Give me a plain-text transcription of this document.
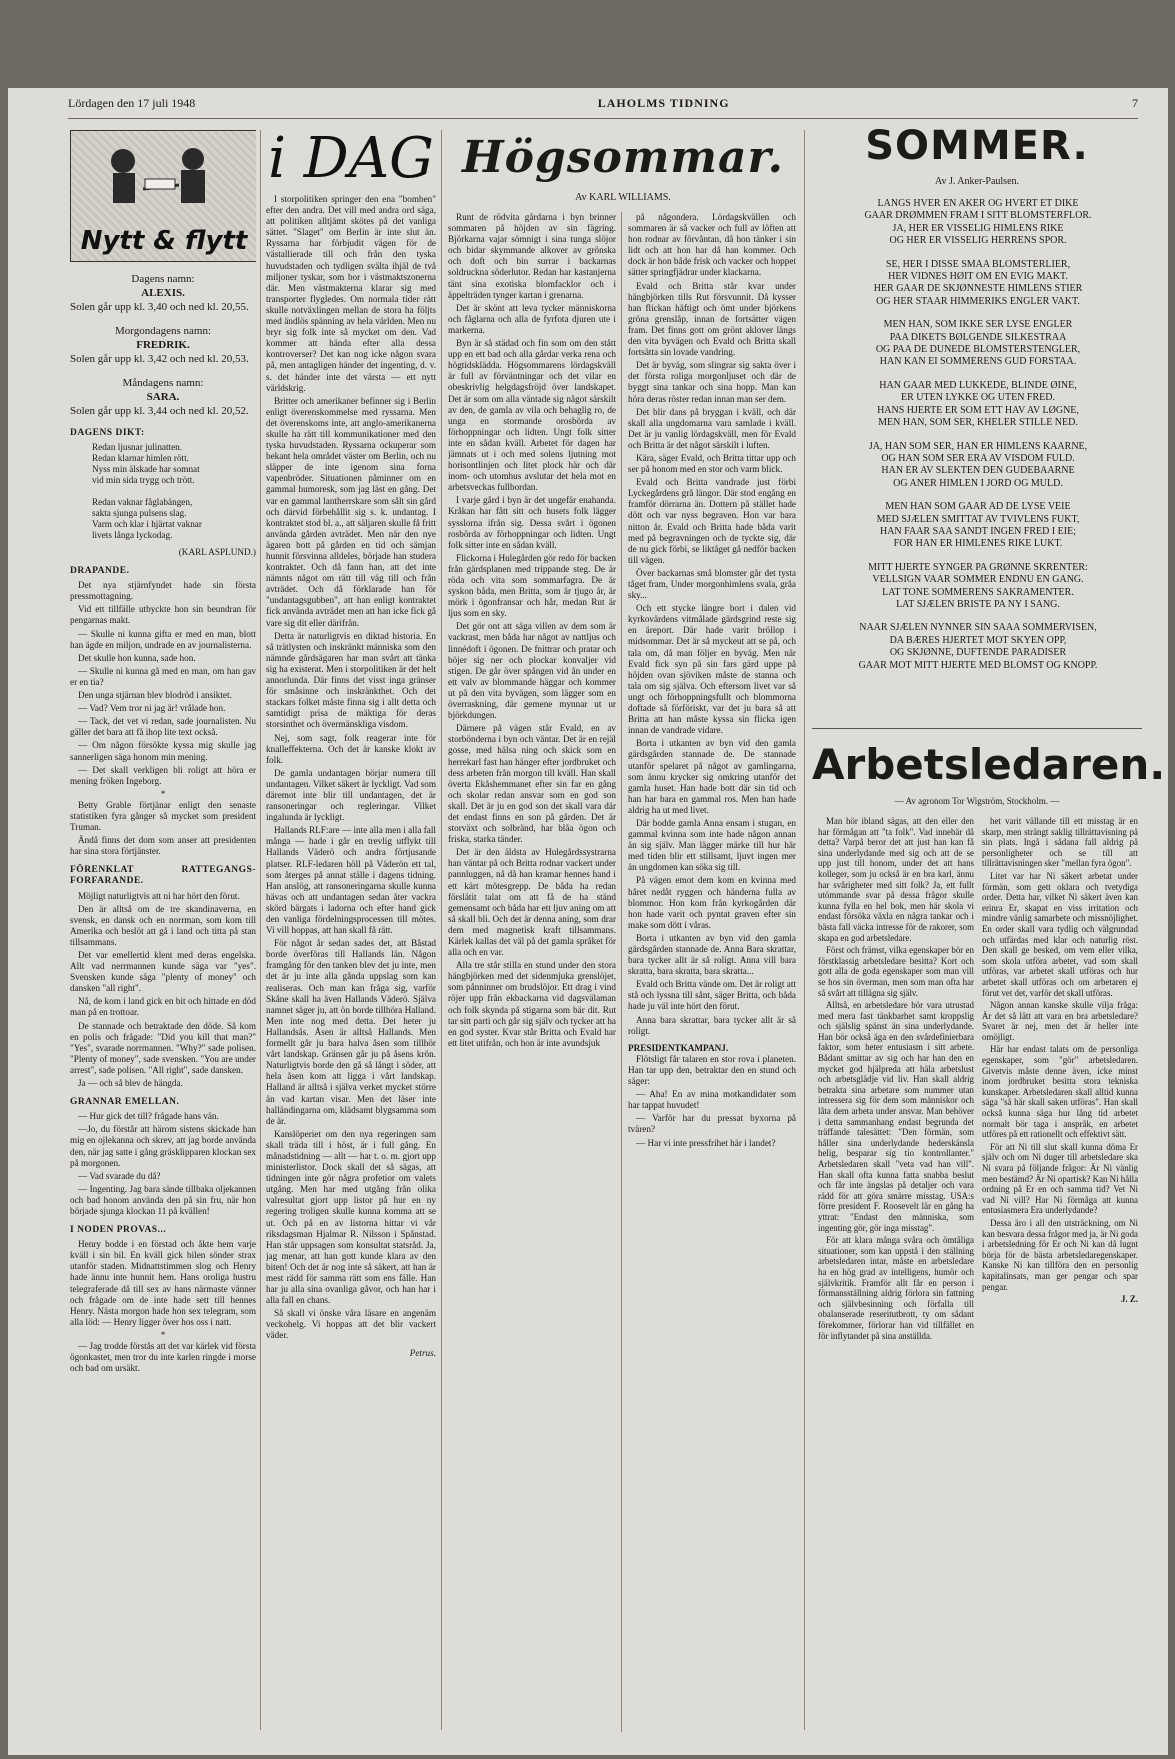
Lördagen den 17 juli 1948	LAHOLMS TIDNING	7
Nytt & flytt
Dagens namn:
ALEXIS.
Solen går upp kl. 3,40 och ned kl. 20,55.
Morgondagens namn:
FREDRIK.
Solen går upp kl. 3,42 och ned kl. 20,53.
Måndagens namn:
SARA.
Solen går upp kl. 3,44 och ned kl. 20,52.
DAGENS DIKT:
Redan ljusnar julinatten.
Redan klarnar himlen rött.
Nyss min älskade har somnat
vid min sida trygg och trött.

Redan vaknar fåglabängen,
sakta sjunga pulsens slag.
Varm och klar i hjärtat vaknar
livets långa lyckodag.
(KARL ASPLUND.)
DRAPANDE.

Det nya stjärnfyndet hade sin första pressmottagning.

Vid ett tillfälle utbyckte hon sin beundran för pengarnas makt.

— Skulle ni kunna gifta er med en man, blott han ägde en miljon, undrade en av journalisterna.

Det skulle hon kunna, sade hon.

— Skulle ni kunna gå med en man, om han gav er en tia?

Den unga stjärnan blev blodröd i ansiktet.

— Vad? Vem tror ni jag är! vrålade hon.

— Tack, det vet vi redan, sade journalisten. Nu gäller det bara att få ihop lite text också.

— Om någon försökte kyssa mig skulle jag sannerligen säga honom min mening.

— Det skall verkligen bli roligt att höra er mening fröken Ingeborg.

*

Betty Grable förtjänar enligt den senaste statistiken fyra gånger så mycket som president Truman.

Ändå finns det dom som anser att presidenten har sina stora förtjänster.

FÖRENKLAT RATTEGANGS-FORFARANDE.

Möjligt naturligtvis att ni har hört den förut.

Den är alltså om de tre skandinaverna, en svensk, en dansk och en norrman, som kom till Amerika och beslöt att gå i land och titta på stan tillsammans.

Det var emellertid klent med deras engelska. Allt vad nerrmannen kunde säga var "yes". Svensken kunde säga "plenty of money" och dansken "all right".

Nå, de kom i land gick en bit och hittade en död man på en trottoar.

De stannade och betraktade den döde. Så kom en polis och frågade: "Did you kill that man?" "Yes", svarade norrmannen. "Why?" sade polisen. "Plenty of money", sade svensken. "You are under arrest", sade polisen. "All right", sade dansken.

Ja — och så blev de hängda.

GRANNAR EMELLAN.

— Hur gick det till? frågade hans vän.

—Jo, du förstår att härom sistens skickade han mig en ojlekanna och skrev, att jag borde använda den, när jag satte i gång gräsklipparen klockan sex på morgonen.

— Vad svarade du då?

— Ingenting. Jag bara sände tillbaka oljekannen och bad honom använda den på sin fru, när hon började sjunga klockan 11 på kvällen!

I NODEN PROVAS...

Henry bodde i en förstad och åkte hem varje kväll i sin bil. En kväll gick bilen sönder strax utanför staden. Midnattstimmen slog och Henry hade ännu inte hunnit hem. Hans oroliga hustru telegraferade då till sex av hans närmaste vänner och frågade om de inte hade sett till hennes Henry. Nästa morgon hade hon sex telegram, som alla löd: — Henry ligger över hos oss i natt.

*

— Jag trodde förstås att det var kärlek vid första ögonkastet, men tror du inte karlen ringde i morse och bad om ursäkt.

i DAG

I storpolitiken springer den ena "bomben" efter den andra. Det vill med andra ord säga, att politiken alltjämt skötes på det vanliga sättet. "Slaget" om Berlin är inte slut än. Ryssarna har förbjudit vägen för de västallierade till och från den tyska huvudstaden och tydligen svälta ihjäl de två miljoner tyskar, som bor i västmaktszonerna där. Men västmakterna klarar sig med transporter flygledes. Om normala tider rätt skulle notväxlingen mellan de stora ha följts med ändlös spänning av hela världen. Men nu bryr sig folk inte så mycket om den. Vad kommer att hända efter alla dessa kontroverser? Det kan nog icke någon svara på, men antagligen händer det ingenting, d. v. s. det händer inte det värsta — ett nytt världskrig.

Britter och amerikaner befinner sig i Berlin enligt överenskommelse med ryssarna. Men det överenskoms inte, att anglo-amerikanerna skulle ha rätt till kommunikationer med den tyska huvudstaden. Ryssarna ockuperar som bekant hela området väster om Berlin, och nu släpper de inte igenom sina forna vapenbröder. Situationen påminner om en gammal humoresk, som jag läst en gång. Det var en gammal lantherrskare som sålt sin gård och därvid förbehållit sig s. k. undantag. I kontraktet stod bl. a., att säljaren skulle få fritt använda gården avträdet. Men när den nye ägaren bott på gården en tid och sämjan hunnit försvinna alldeles, började han studera kontraktet. Och då fann han, att det inte nämnts något om rätt till väg till och från avträdet. Och då förklarade han för "undantagsgubben", att han enligt kontraktet fick använda avträdet men att han icke fick gå vare sig dit eller därifrån.

Detta är naturligtvis en diktad historia. En så trätlysten och inskränkt människa som den nämnde gårdsägaren har man svårt att tänka sig ha existerat. Men i storpolitiken är det helt annorlunda. Där finns det visst inga gränser för småsinne och inskränkthet. Och det stackars folket måste finna sig i allt detta och samtidigt prisa de mäktiga för deras storsinthet och övermänskliga visdom.

Nej, som sagt, folk reagerar inte för knalleffekterna. Och det är kanske klokt av folk.

De gamla undantagen börjar numera till undantagen. Vilket säkert är lyckligt. Vad som däremot inte blir till undantagen, det är ransoneringar och regleringar. Vilket ingalunda är lyckligt.

Hallands RLF:are — inte alla men i alla fall många — hade i går en trevlig utflykt till Hallands Väderö och andra förtjusande platser. RLF-ledaren höll på Väderön ett tal, som återges på annat ställe i dagens tidning. Han anslög, att ransoneringarna skulle kunna hävas och att undantagen sedan åter vackra skörd bärgats i ladorna och efter hand gick den vanliga fördelningsprocessen till mötes. Vi vill hoppas, att han skall få rätt.

För något år sedan sades det, att Båstad borde överföras till Hallands län. Någon framgång för den tanken blev det ju inte, men det är ju inte alla gånda uppslag som kan realiseras. Och man kan fråga sig, varför Skåne skall ha även Hallands Väderö. Själva namnet säger ju, att ön borde tillhöra Halland. Men inte nog med detta. Det heter ju Hallandsås. Åsen är alltså Hallands. Men formellt går ju bara halva åsen som tillhör vårt landskap. Gränsen går ju på åsens krön. Naturligtvis borde den gå så långt i söder, att hela åsen kom att ligga i vårt landskap. Halland är alltså i själva verket mycket större än vad kartan visar. Men det läser inte halländingarna om, klädsamt blygsamma som de är.

Kanslöperiet om den nya regeringen sam skall träda till i höst, är i full gång. En månadstidning — allt — har t. o. m. gjort upp ministerlistor. Dock skall det så sägas, att tidningen inte gör några profetior om valets utgång. Men har med utgång från olika valresultat gjort upp listor på hur en ny regering troligen skulle kunna komma att se ut. Och på en av listorna hittar vi vår riksdagsman Hjalmar R. Nilsson i Spånstad. Han står uppsagen som konsultat statsråd. Ja, jag menar, att han gott kunde klara av den biten! Och det är nog inte så säkert, att han är mest rädd för samma rätt som ens fälle. Han har ju alla sina ovanliga gåvor, och han har i alla fall en chans.

Så skall vi önske våra läsare en angenäm veckohelg. Vi hoppas att det blir vackert väder.

Petrus.
Högsommar.
Av KARL WILLIAMS.

Runt de rödvita gårdarna i byn brinner sommaren på höjden av sin fägring. Björkarna vajar sömnigt i sina tunga slöjor och bidar skymmande alkover av grönska och doft och bin surrar i backarnas soldruckna söderlutor. Redan har kastanjerna tänt sina exotiska blomfacklor och i äppelträden tynger kartan i grenarna.

Det är skönt att leva tycker människorna och fåglarna och alla de fyrfota djuren ute i markerna.

Byn är så städad och fin som om den stått upp en ett bad och alla gårdar verka rena och högtidsklädda. Högsommarens lördagskväll är full av förväntningar och det vilar en obeskrivlig helgdagsfröjd över landskapet. Det är som om alla väntade sig något särskilt av den, de gamla av vila och behaglig ro, de unga en stormande orosbörda av förhoppningar och lidten. Ungt folk sitter inte en sådan kväll. Arbetet för dagen har jämnats ut i och med solens ljutning mot horisontlinjen och litet plock här och där inom- och utomhus avslutar det hela mot en arbetsveckas fullbordan.

I varje gård i byn är det ungefär enahanda. Kråkan har fått sitt och husets folk lägger sysslorna ifrån sig. Dessa svårt i ögonen rosbörda av förhoppningar och lidten. Ungt folk sitter inte en sådan kväll.

Flickorna i Hulegården gör redo för backen från gärdsplanen med trippande steg. De är röda och vita som sommarfagra. De är syskon båda, men Britta, som är tjugo år, är mörk i ögonfransar och hår, medan Rut är ljus som en sky.

Det gör ont att säga villen av dem som är vackrast, men båda har något av nattljus och linnédoft i ögonen. De fnittrar och pratar och böjer sig ner och plockar konvaljer vid stigen. De går över spången vid ån under en ett valv av blommande häggar och kommer ut på den vita byvägen, som lägger som en överraskning, där gemene mynnar ut ur björkdungen.

Därnere på vägen står Evald, en av storbönderna i byn och väntar. Det är en rejäl gosse, med hälsa ning och skick som en herrekarl fast han hänger efter jordbruket och dess arbeten från morgon till kväll. Han skall överta Ekåshemmanet efter sin far en gång och skolar redan ansvar som en god son skall. Det är ju en god son det skall vara där det endast finns en son på gården. Det är storväxt och solbränd, har blåa ögon och friska, starka tänder.

Det är den äldsta av Hulegårdssystrarna han väntar på och Britta rodnar vackert under pannluggen, nå då han kramar hennes hand i ett kärt mötesgrepp. De båda ha redan förslätit talat om att få de ha ständ gemensamt och båda har ett ljuv aning om att så skall bli. Och det är denna aning, som drar dem med magnetisk kraft tillsammans. Kärlek kallas det väl på det gamla språket för alla och en var.

Alla tre står stilla en stund under den stora hängbjörken med det sidenmjuka grenslöjet, som pånninner om brudslöjor. Ett drag i vind röjer upp från ekbackarna vid dagsvälaman och folk skynda på stigarna som bär dit. Rut tar sitt parti och går sig själv och tycker att ha en god syster. Kvar står Britta och Evald har ett litet utifrån, och hon är inte avundsjuk

på någondera. Lördagskvällen och sommaren är så vacker och full av löften att hon rodnar av förvåntan, då hon tänker i sin lidt och att hon har då han kommer. Och dock är hon både frisk och vacker och hoppet sätter springfjädrar under klackarna.

Evald och Britta står kvar under hängbjörken tills Rut försvunnit. Då kysser han flickan häftigt och ömt under björkens gröna grenslåp, innan de fortsätter vägen fram. Det finns gott om grönt aklover längs den vita byvägen och Evald och Britta skall fortsätta sin lovade vandring.

Det är byväg, som slingrar sig sakta över i det första roliga morgonljuset och där de byggt sina tankar och sina hopp. Man kan höra deras röster redan innan man ser dem.

Det blir dans på bryggan i kväll, och där skall alla ungdomarna vara samlade i kväll. Det är ju vanlig lördagskväll, men för Evald och Britta är det något särskilt i luften.

Kära, säger Evald, och Britta tittar upp och ser på honom med en stor och varm blick.

Evald och Britta vandrade just förbi Lyckegårdens grå längor. Där stod engång en framför dörrarna än. Dottern på stället hade dött och var nyss begraven. Hon var bara nitton år. Evald och Britta hade båda varit med på begravningen och de tyckte sig, där de nu gick förbi, se liktåget gå nedför backen till vägen.

Över backarnas små blomster går det tysta tåget fram, Under morgonhimlens svala, gråa sky...

Och ett stycke längre bort i dalen vid kyrkovärdens vitmålade gärdsgrind reste sig en äreport. Där hade varit bröllop i midsommar. Det är så myckeut att se på, och tala om, då man följer en byväg. Men när Evald fick syn på sin fars gärd uppe på höjden ovan sjöviken måste de stanna och tala om sig själva. Och eftersom livet var så ungt och förhoppningsfullt och blommorna doftade så förföriskt, var det ju bara så att Britta att han måste kyssa sin flicka igen innan de vandrade vidare.

Borta i utkanten av byn vid den gamla gärdsgården stannade de. De stannade utanför spelaret på något av gamlingarna, som ännu krycker sig omkring utanför det gamla huset. Han hade bott där sin tid och han har bara en gammal ros. Men han hade aldrig ha ut med livet.

Där bodde gamla Anna ensam i stugan, en gammal kvinna som inte hade någon annan än sig själv. Man lägger märke till hur här med tiden blir ett stillsamt, ljuvt ingen mer än ungdomen kan söka sig till.

På vägen emot dem kom en kvinna med håret nedåt ryggen och händerna fulla av blommor. Hon kom från kyrkogården där hon hade varit och pyntat graven efter sin make som dött i våras.

Borta i utkanten av byn vid den gamla gärdsgården stannade de. Anna Bara skrattar, bara tycker allt är så roligt. Anna vill bara skratta, bara skratta, bara skratta...

Evald och Britta vände om. Det är roligt att stå och lyssna till sånt, säger Britta, och båda hade ju väl inte hört den förut.

Anna bara skrattar, bara tycker allt är så roligt.

PRESIDENTKAMPANJ.

Flötsligt får talaren en stor rova i planeten. Han tar upp den, betraktar den en stund och säger:

— Aha! En av mina motkandidater som har tappat huvudet!

— Varför har du pressat byxorna på tvären?

— Har vi inte pressfrihet här i landet?

SOMMER.
Av J. Anker-Paulsen.
LANGS HVER EN AKER OG HVERT ET DIKE
GAAR DRØMMEN FRAM I SITT BLOMSTERFLOR.
JA, HER ER VISSELIG HIMLENS RIKE
OG HER ER VISSELIG HERRENS SPOR.
SE, HER I DISSE SMAA BLOMSTERLIER,
HER VIDNES HØIT OM EN EVIG MAKT.
HER GAAR DE SKJØNNESTE HIMLENS STIER
OG HER STAAR HIMMERIKS ENGLER VAKT.
MEN HAN, SOM IKKE SER LYSE ENGLER
PAA DIKETS BØLGENDE SILKESTRAA
OG PAA DE DUNEDE BLOMSTERSTENGLER,
HAN KAN EI SOMMERENS GUD FORSTAA.
HAN GAAR MED LUKKEDE, BLINDE ØINE,
ER UTEN LYKKE OG UTEN FRED.
HANS HJERTE ER SOM ETT HAV AV LØGNE,
MEN HAN, SOM SER, KHELER STILLE NED.
JA, HAN SOM SER, HAN ER HIMLENS KAARNE,
OG HAN SOM SER ERA AV VISDOM FULD.
HAN ER AV SLEKTEN DEN GUDEBAARNE
OG ANER HIMLEN I JORD OG MULD.
MEN HAN SOM GAAR AD DE LYSE VEIE
MED SJÆLEN SMITTAT AV TVIVLENS FUKT,
HAN FAAR SAA SANDT INGEN FRED I EIE;
FOR HAN ER HIMLENES RIKE LUKT.
MITT HJERTE SYNGER PA GRØNNE SKRENTER:
VELLSIGN VAAR SOMMER ENDNU EN GANG.
LAT TONE SOMMERENS SAKRAMENTER.
LAT SJÆLEN BRISTE PA NY I SANG.
NAAR SJÆLEN NYNNER SIN SAAA SOMMERVISEN,
DA BÆRES HJERTET MOT SKYEN OPP,
OG SKJØNNE, DUFTENDE PARADISER
GAAR MOT MITT HJERTE MED BLOMST OG KNOPP.
Arbetsledaren.
— Av agronom Tor Wigström, Stockholm. —

Man hör ibland sägas, att den eller den har förmågan att "ta folk". Vad innebär då detta? Varpå beror det att just han kan få sina underlydande med sig och att de se upp just till honom, under det att hans kolleger, som ju också är en bra karl, ännu har svårigheter med sitt folk? Ja, ett fullt utömmande svar på dessa frågor skulle kunna fylla en hel bok, men här skola vi endast försöka växla en några tankar och i bästa fall väcka intresse för de rakorer, som skapa en god arbetsledare.

Först och främst, vilka egenskaper bör en förstklassig arbetsledare besitta? Kort och gott alla de goda egenskaper som man vill se hos sin överman, men som man ofta har så svårt att tillägna sig själv.

Alltså, en arbetsledare bör vara utrustad med mera fast tänkbarhet samt kroppslig och själslig spänst än sina underlydande. Han bör också äga en den svårdefinierbara faktor, som heter entusiasm i sitt arbete. Bådant smittar av sig och har han den en mycket god hjälpreda att häla arbetslust och arbetsglädje vid liv. Han skall aldrig betrakta sina arbetare som nummer utan intressera sig för dem som människor och låta dem arbeta under ansvar. Man behöver i detta sammanhang endast begrunda det träffande talesättet: "Den förmän, som håller sina underlydande hederskänsla helig, besparar sig tio kontrollanter." Arbetsledaren skall "veta vad han vill". Han skall ofta kunna fatta snabba beslut och får inte ängslas på detaljer och vara rädd för att göra smärre misstag. USA:s förre president F. Roosevelt lär en gång ha yttrat: "Endast den människa, som ingenting gör, gör inga misstag".

För att klara många svåra och ömtåliga situationer, som kan uppstå i den ställning arbetsledaren intar, måste en arbetsledare ha en hög grad av intelligens, humör och självkritik. Framför allt får en person i förmansställning aldrig förlora sin fattning och självbesinning och förfalla till obalanserade reseritutbrott, ty om sådant förekommer, förlorar han vid tillfället en för inflytandet på sina anställda.

het varit vällande till ett misstag är en skarp, men strängt saklig tillrättavisning på sin plats. Ingå i sådana fall aldrig på personligheter och se till att tillrättavisningen sker "mellan fyra ögon".

Litet var har Ni säkert arbetat under förmän, som gett oklara och tvetydiga order. Detta har, vilket Ni säkert även kan erinra Er, skapat en viss irritation och mindre vänlig samarbete och missnöjlighet. En order skall vara tydlig och välgrundad och utfärdas med klar och naturlig röst. Den skall ge besked, om vem eller vilka, som skola utföra arbetet, vad som skall utföras, var arbetet skall utföras och hur arbetet skall utföras och om arbetaren ej förut vet det, varför det skall utföras.

Någon annan kanske skulle vilja fråga: Är det så lätt att vara en bra arbetsledare? Svaret är nej, men det är heller inte omöjligt.

Här har endast talats om de personliga egenskaper, som "gör" arbetsledaren. Givetvis måste denne även, icke minst inom jordbruket besitta stora tekniska kunskaper. Arbetsledaren skall alltid kunna säga "så här skall saken utföras". Han skall också kunna säga hur lång tid arbetet normalt bör taga i anspråk, en arbetet utföres på ett rationellt och effektivt sätt.

För att Ni till slut skall kunna döma Er själv och om Ni duger till arbetsledare ska Ni svara på följande frågor: Är Ni vänlig men bestämd? Är Ni opartisk? Kan Ni hålla ordning på Er en och samma tid? Vet Ni vad Ni vill? Har Ni förmåga att kunna entusiasmera Era underlydande?

Dessa äro i all den utsträckning, om Ni kan besvara dessa frågor med ja, är Ni goda i arbetsledning för Er och Ni kan då lugnt börja för de bästa arbetsledaregenskaper. Kanske Ni kan tillföra den en personlig kapitalinsats, man ger pengar och spar pengar.

J. Z.
